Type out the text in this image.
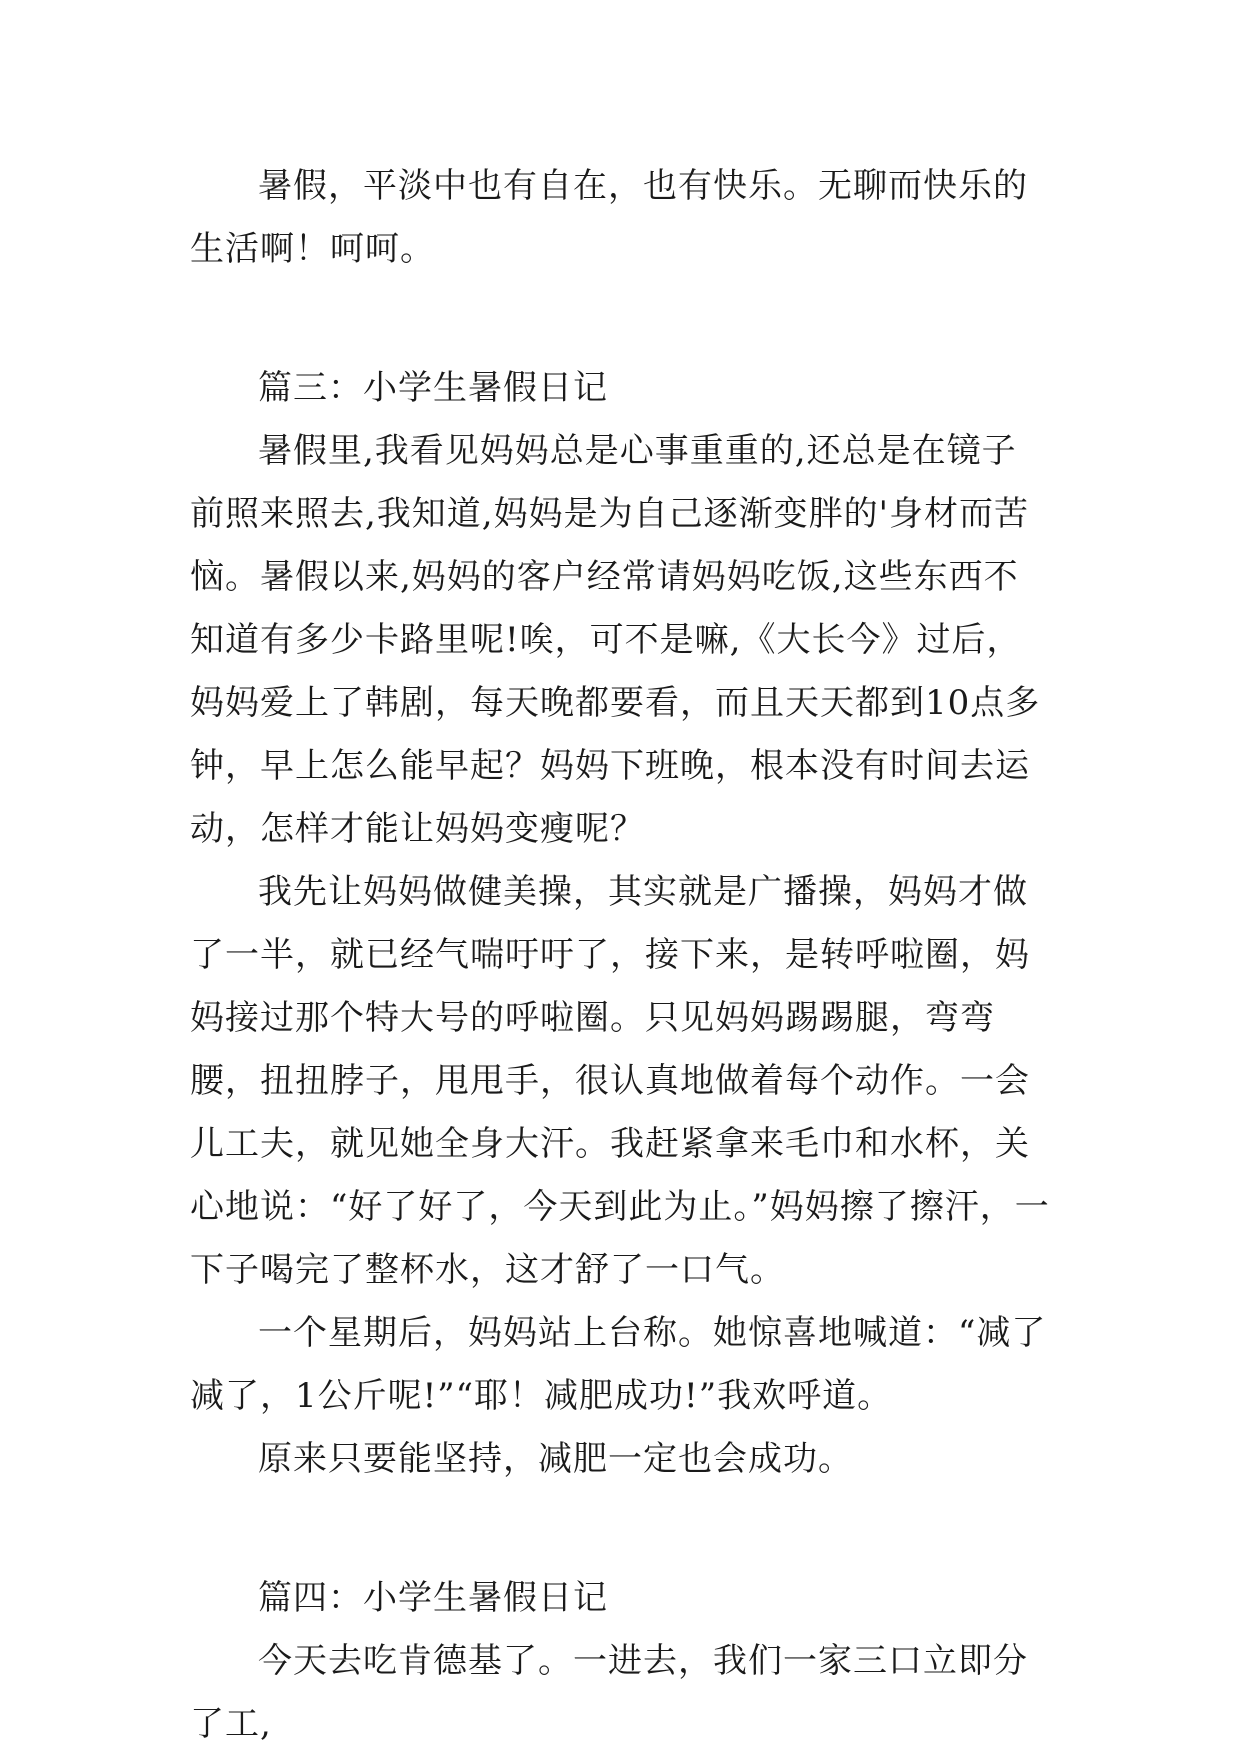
暑假，平淡中也有自在，也有快乐。无聊而快乐的生活啊！呵呵。

篇三：小学生暑假日记

暑假里,我看见妈妈总是心事重重的,还总是在镜子前照来照去,我知道,妈妈是为自己逐渐变胖的'身材而苦恼。暑假以来,妈妈的客户经常请妈妈吃饭,这些东西不知道有多少卡路里呢!唉，可不是嘛,《大长今》过后，妈妈爱上了韩剧，每天晚都要看，而且天天都到10点多钟，早上怎么能早起？妈妈下班晚，根本没有时间去运动，怎样才能让妈妈变瘦呢？

我先让妈妈做健美操，其实就是广播操，妈妈才做了一半，就已经气喘吁吁了，接下来，是转呼啦圈，妈妈接过那个特大号的呼啦圈。只见妈妈踢踢腿，弯弯腰，扭扭脖子，甩甩手，很认真地做着每个动作。一会儿工夫，就见她全身大汗。我赶紧拿来毛巾和水杯，关心地说：“好了好了，今天到此为止。”妈妈擦了擦汗，一下子喝完了整杯水，这才舒了一口气。

一个星期后，妈妈站上台称。她惊喜地喊道：“减了减了，1公斤呢!”“耶！减肥成功!”我欢呼道。

原来只要能坚持，减肥一定也会成功。

篇四：小学生暑假日记

今天去吃肯德基了。一进去，我们一家三口立即分了工,
